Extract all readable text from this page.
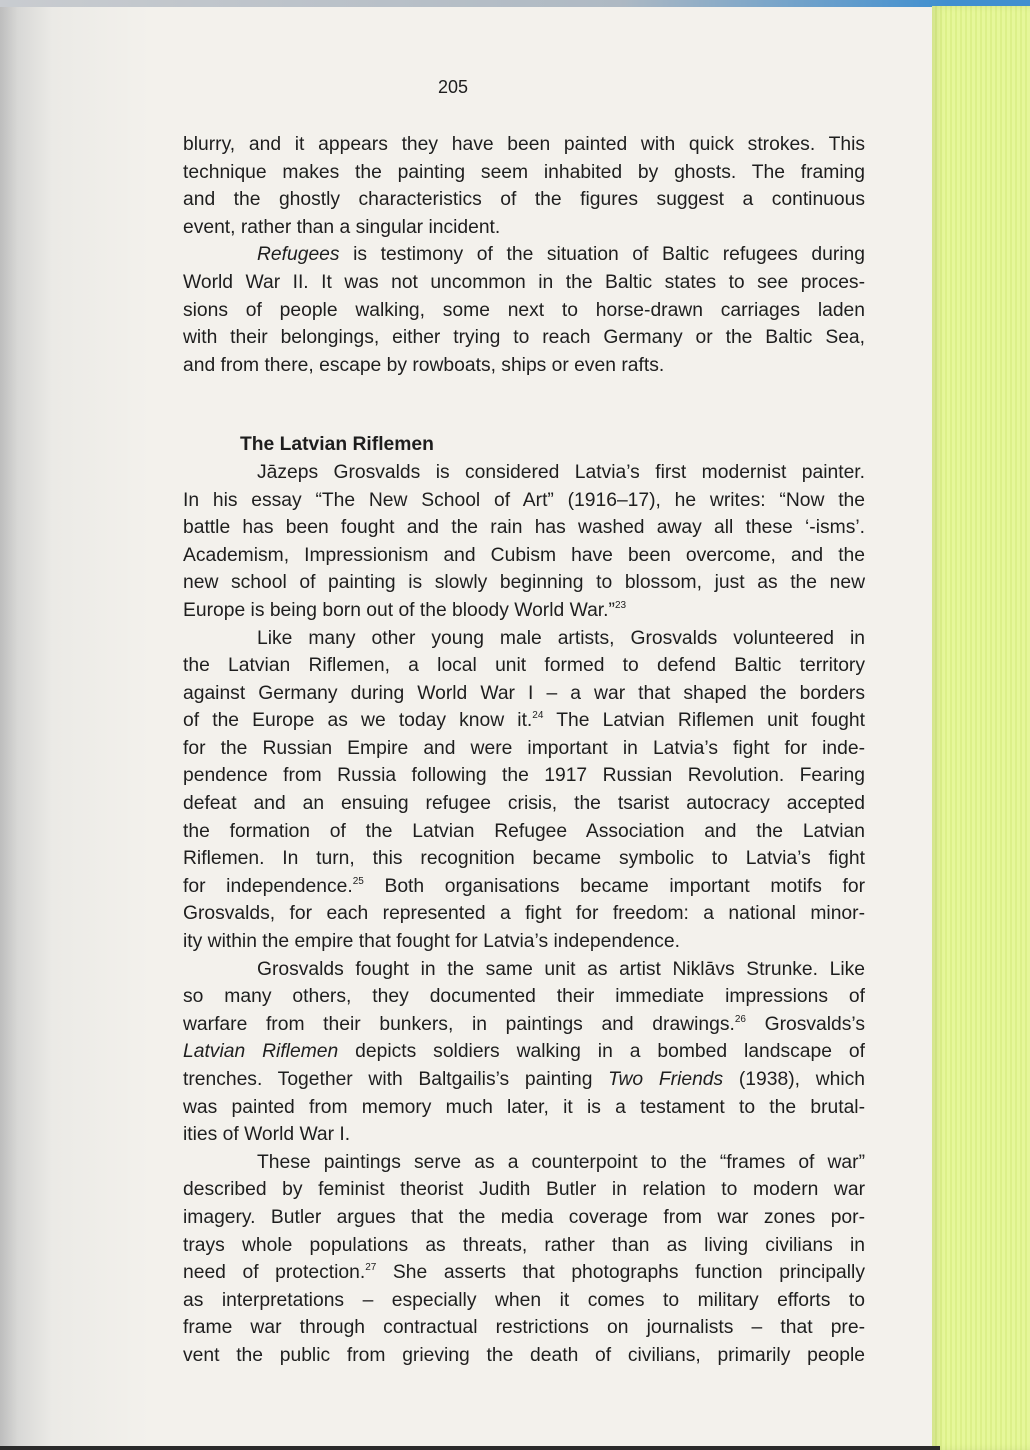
205
blurry, and it appears they have been painted with quick strokes. This
technique makes the painting seem inhabited by ghosts. The framing
and the ghostly characteristics of the figures suggest a continuous
event, rather than a singular incident.
Refugees is testimony of the situation of Baltic refugees during
World War II. It was not uncommon in the Baltic states to see proces-
sions of people walking, some next to horse-drawn carriages laden
with their belongings, either trying to reach Germany or the Baltic Sea,
and from there, escape by rowboats, ships or even rafts.
The Latvian Riflemen
Jāzeps Grosvalds is considered Latvia’s first modernist painter.
In his essay “The New School of Art” (1916–17), he writes: “Now the
battle has been fought and the rain has washed away all these ‘-isms’.
Academism, Impressionism and Cubism have been overcome, and the
new school of painting is slowly beginning to blossom, just as the new
Europe is being born out of the bloody World War.”$^{23}$
Like many other young male artists, Grosvalds volunteered in
the Latvian Riflemen, a local unit formed to defend Baltic territory
against Germany during World War I – a war that shaped the borders
of the Europe as we today know it.$^{24}$ The Latvian Riflemen unit fought
for the Russian Empire and were important in Latvia’s fight for inde-
pendence from Russia following the 1917 Russian Revolution. Fearing
defeat and an ensuing refugee crisis, the tsarist autocracy accepted
the formation of the Latvian Refugee Association and the Latvian
Riflemen. In turn, this recognition became symbolic to Latvia’s fight
for independence.$^{25}$ Both organisations became important motifs for
Grosvalds, for each represented a fight for freedom: a national minor-
ity within the empire that fought for Latvia’s independence.
Grosvalds fought in the same unit as artist Niklāvs Strunke. Like
so many others, they documented their immediate impressions of
warfare from their bunkers, in paintings and drawings.$^{26}$ Grosvalds’s
Latvian Riflemen depicts soldiers walking in a bombed landscape of
trenches. Together with Baltgailis’s painting Two Friends (1938), which
was painted from memory much later, it is a testament to the brutal-
ities of World War I.
These paintings serve as a counterpoint to the “frames of war”
described by feminist theorist Judith Butler in relation to modern war
imagery. Butler argues that the media coverage from war zones por-
trays whole populations as threats, rather than as living civilians in
need of protection.$^{27}$ She asserts that photographs function principally
as interpretations – especially when it comes to military efforts to
frame war through contractual restrictions on journalists – that pre-
vent the public from grieving the death of civilians, primarily people
